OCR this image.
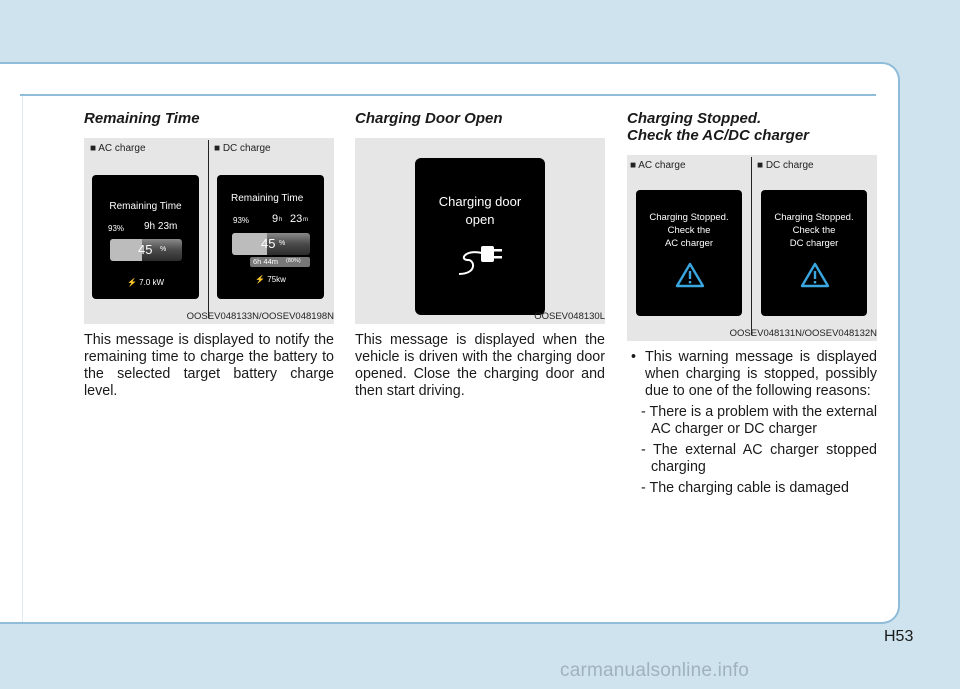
Remaining Time
■ AC charge	■ DC charge
Remaining Time
93% 9h 23m
45 %
⚡ 7.0 kW
Remaining Time
93% 9 h 23 m
45 %
6h 44m (80%)
⚡ 75kw
OOSEV048133N/OOSEV048198N

This message is displayed to notify the remaining time to charge the battery to the selected target battery charge level.

Charging Door Open
Charging door
open
OOSEV048130L

This message is displayed when the vehicle is driven with the charging door opened. Close the charging door and then start driving.

Charging Stopped.
Check the AC/DC charger
■ AC charge	■ DC charge
Charging Stopped.
Check the
AC charger
Charging Stopped.
Check the
DC charger
OOSEV048131N/OOSEV048132N
• This warning message is displayed when charging is stopped, possibly due to one of the following reasons:

- There is a problem with the external AC charger or DC charger

- The external AC charger stopped charging

- The charging cable is damaged

H53
carmanualsonline.info
